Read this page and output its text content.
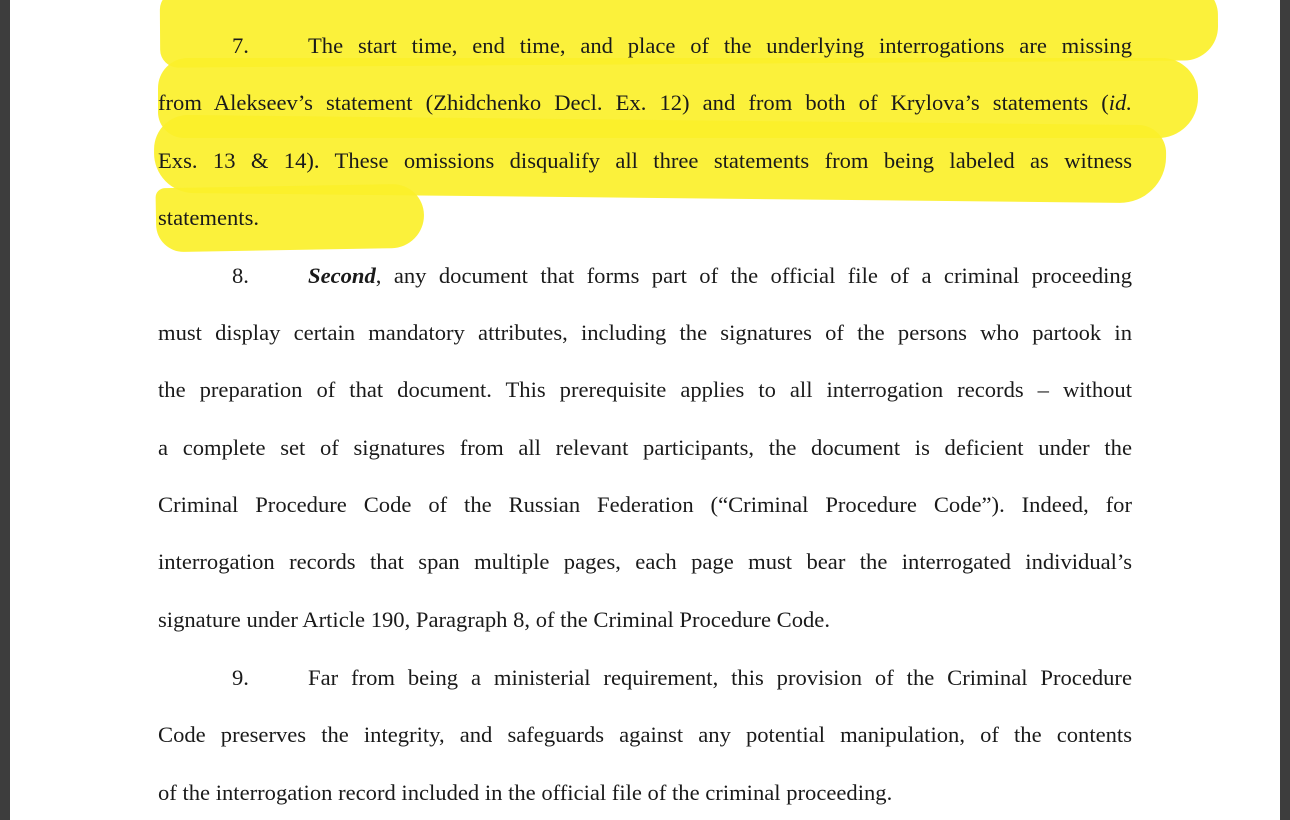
7.	The start time, end time, and place of the underlying interrogations are missing
from Alekseev’s statement (Zhidchenko Decl. Ex. 12) and from both of Krylova’s statements (id.
Exs. 13 & 14). These omissions disqualify all three statements from being labeled as witness
statements.
8.	Second, any document that forms part of the official file of a criminal proceeding
must display certain mandatory attributes, including the signatures of the persons who partook in
the preparation of that document. This prerequisite applies to all interrogation records – without
a complete set of signatures from all relevant participants, the document is deficient under the
Criminal Procedure Code of the Russian Federation (“Criminal Procedure Code”). Indeed, for
interrogation records that span multiple pages, each page must bear the interrogated individual’s
signature under Article 190, Paragraph 8, of the Criminal Procedure Code.
9.	Far from being a ministerial requirement, this provision of the Criminal Procedure
Code preserves the integrity, and safeguards against any potential manipulation, of the contents
of the interrogation record included in the official file of the criminal proceeding.
